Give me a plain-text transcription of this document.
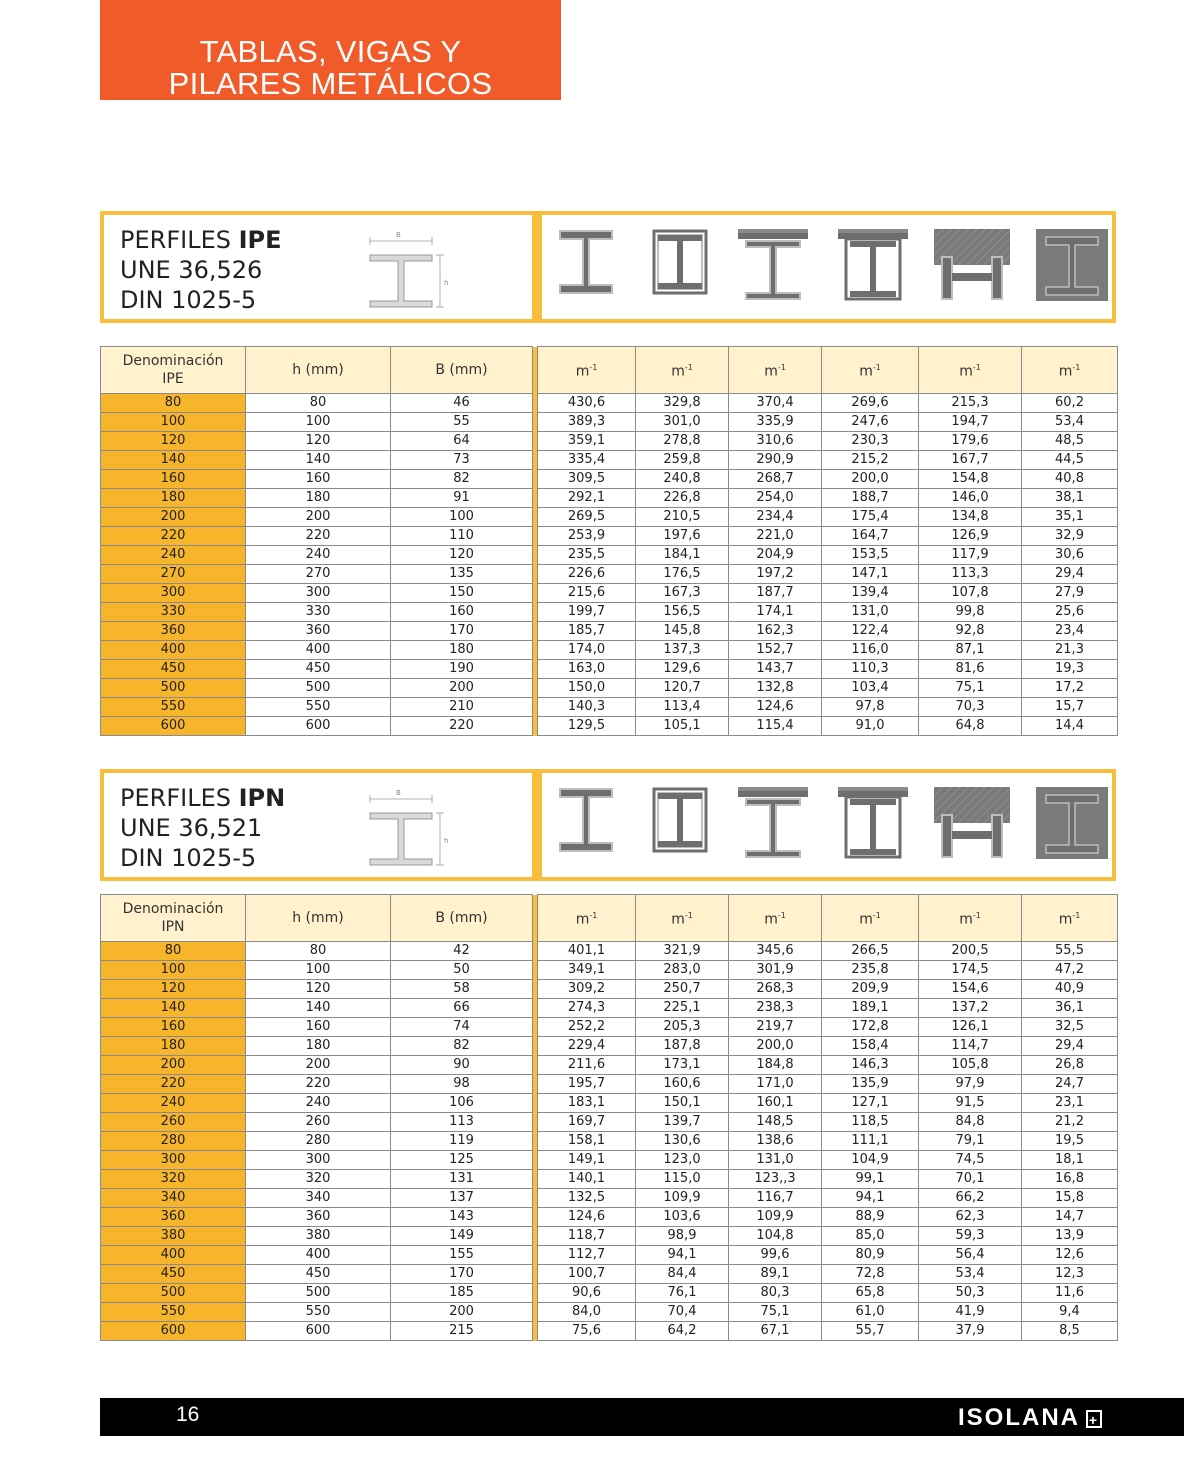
TABLAS, VIGAS Y
PILARES METÁLICOS
PERFILES IPE
UNE 36,526
DIN 1025-5
B
h
Denominación
IPE	h (mm)	B (mm)		$m^{-1}$	$m^{-1}$	$m^{-1}$	$m^{-1}$	$m^{-1}$	$m^{-1}$
80	80	46		430,6	329,8	370,4	269,6	215,3	60,2
100	100	55		389,3	301,0	335,9	247,6	194,7	53,4
120	120	64		359,1	278,8	310,6	230,3	179,6	48,5
140	140	73		335,4	259,8	290,9	215,2	167,7	44,5
160	160	82		309,5	240,8	268,7	200,0	154,8	40,8
180	180	91		292,1	226,8	254,0	188,7	146,0	38,1
200	200	100		269,5	210,5	234,4	175,4	134,8	35,1
220	220	110		253,9	197,6	221,0	164,7	126,9	32,9
240	240	120		235,5	184,1	204,9	153,5	117,9	30,6
270	270	135		226,6	176,5	197,2	147,1	113,3	29,4
300	300	150		215,6	167,3	187,7	139,4	107,8	27,9
330	330	160		199,7	156,5	174,1	131,0	99,8	25,6
360	360	170		185,7	145,8	162,3	122,4	92,8	23,4
400	400	180		174,0	137,3	152,7	116,0	87,1	21,3
450	450	190		163,0	129,6	143,7	110,3	81,6	19,3
500	500	200		150,0	120,7	132,8	103,4	75,1	17,2
550	550	210		140,3	113,4	124,6	97,8	70,3	15,7
600	600	220		129,5	105,1	115,4	91,0	64,8	14,4
PERFILES IPN
UNE 36,521
DIN 1025-5
B
h
Denominación
IPN	h (mm)	B (mm)		$m^{-1}$	$m^{-1}$	$m^{-1}$	$m^{-1}$	$m^{-1}$	$m^{-1}$
80	80	42		401,1	321,9	345,6	266,5	200,5	55,5
100	100	50		349,1	283,0	301,9	235,8	174,5	47,2
120	120	58		309,2	250,7	268,3	209,9	154,6	40,9
140	140	66		274,3	225,1	238,3	189,1	137,2	36,1
160	160	74		252,2	205,3	219,7	172,8	126,1	32,5
180	180	82		229,4	187,8	200,0	158,4	114,7	29,4
200	200	90		211,6	173,1	184,8	146,3	105,8	26,8
220	220	98		195,7	160,6	171,0	135,9	97,9	24,7
240	240	106		183,1	150,1	160,1	127,1	91,5	23,1
260	260	113		169,7	139,7	148,5	118,5	84,8	21,2
280	280	119		158,1	130,6	138,6	111,1	79,1	19,5
300	300	125		149,1	123,0	131,0	104,9	74,5	18,1
320	320	131		140,1	115,0	123,,3	99,1	70,1	16,8
340	340	137		132,5	109,9	116,7	94,1	66,2	15,8
360	360	143		124,6	103,6	109,9	88,9	62,3	14,7
380	380	149		118,7	98,9	104,8	85,0	59,3	13,9
400	400	155		112,7	94,1	99,6	80,9	56,4	12,6
450	450	170		100,7	84,4	89,1	72,8	53,4	12,3
500	500	185		90,6	76,1	80,3	65,8	50,3	11,6
550	550	200		84,0	70,4	75,1	61,0	41,9	9,4
600	600	215		75,6	64,2	67,1	55,7	37,9	8,5
16	ISOLANA +
